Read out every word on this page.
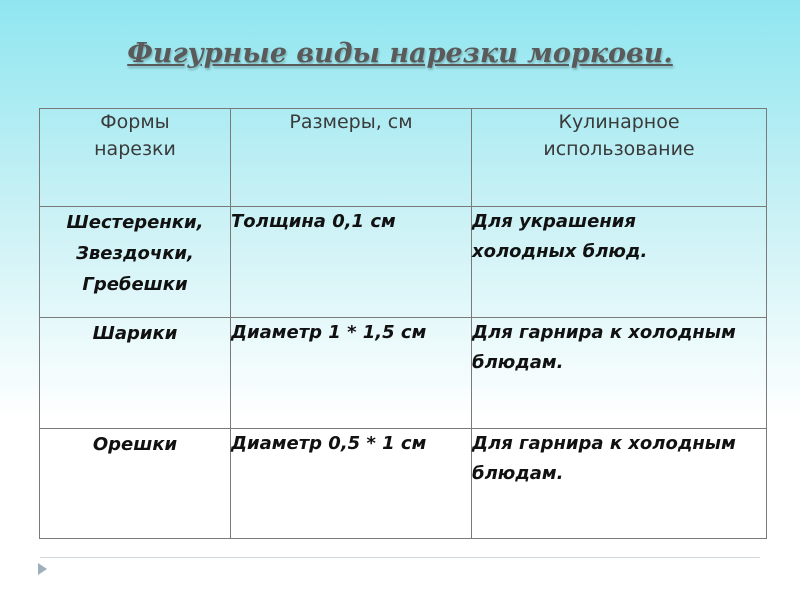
Фигурные виды нарезки моркови.
Формы нарезки	Размеры, см	Кулинарное использование

Шестеренки,
Звездочки,
Гребешки	Толщина 0,1 см	Для украшения холодных блюд.

Шарики	Диаметр 1 * 1,5 см	Для гарнира к холодным блюдам.

Орешки	Диаметр 0,5 * 1 см	Для гарнира к холодным блюдам.
